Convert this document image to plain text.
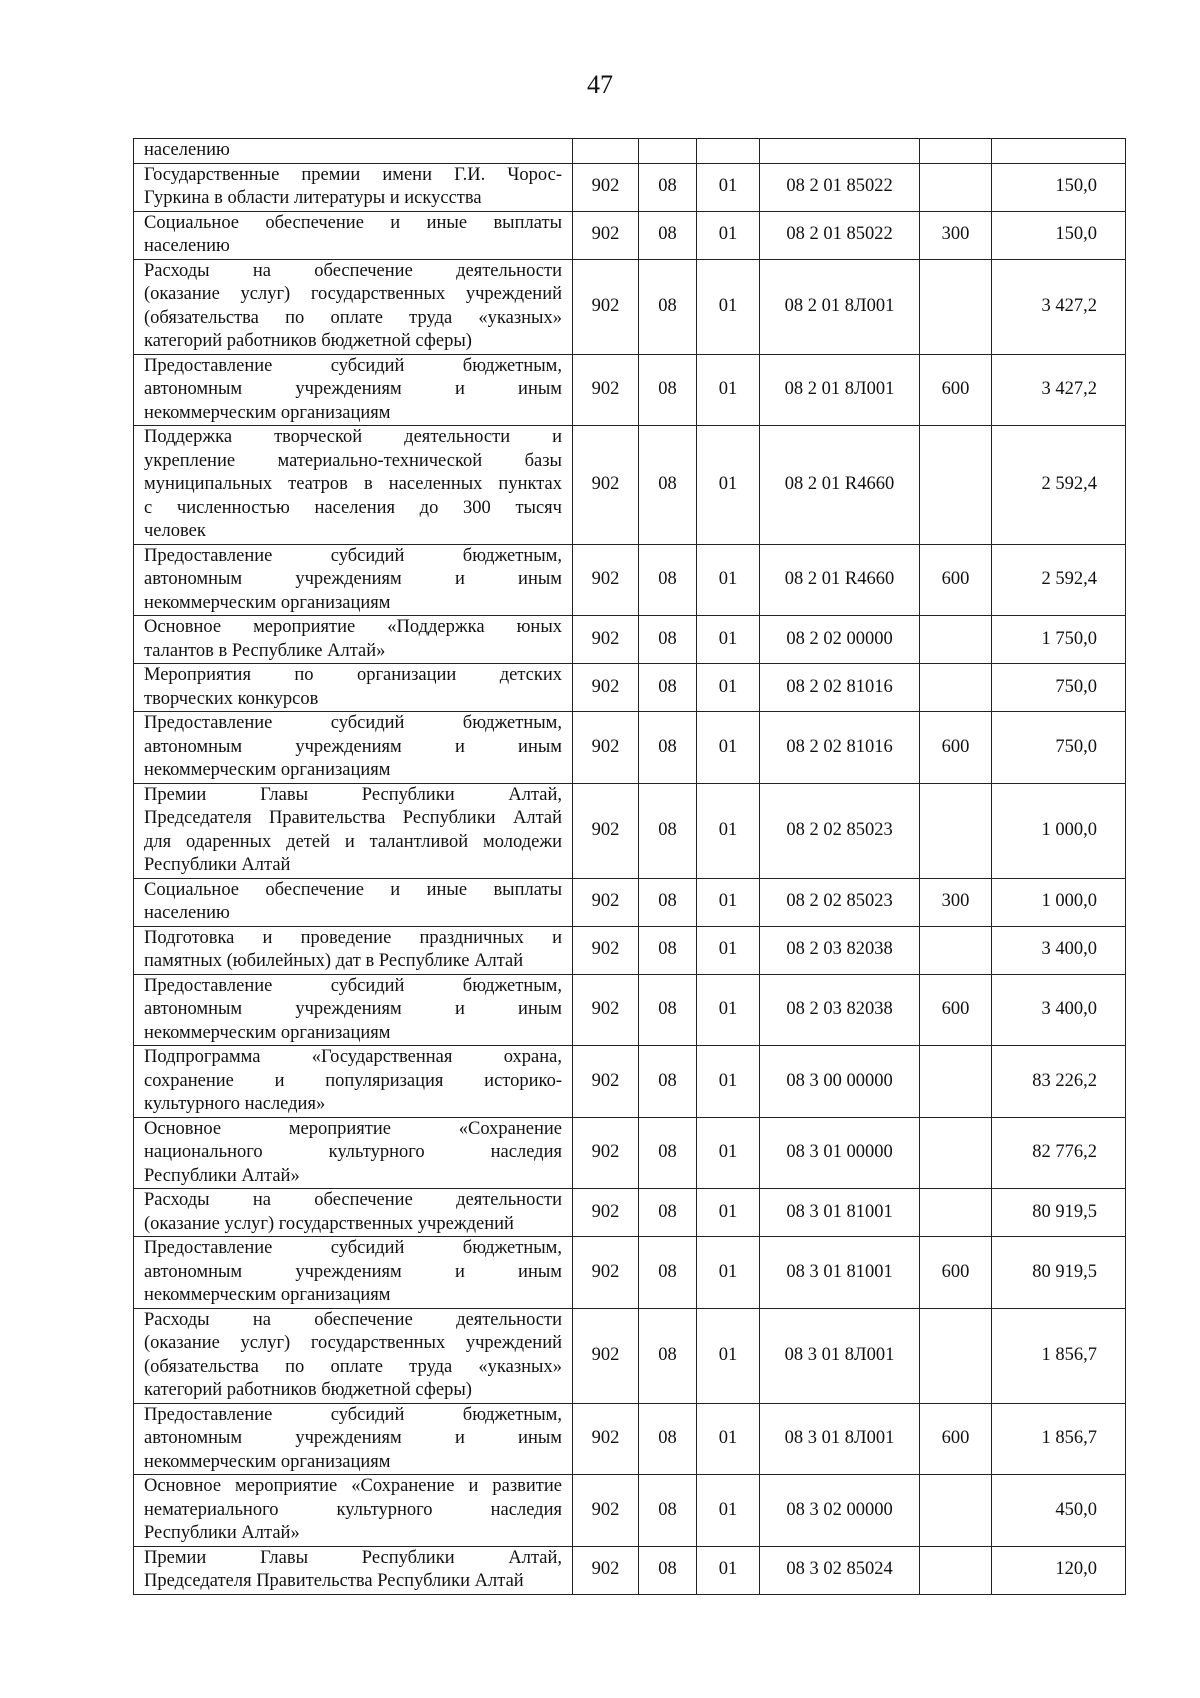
47
населению						

Государственные премии имени Г.И. Чорос-
Гуркина в области литературы и искусства	902	08	01	08 2 01 85022		150,0

Социальное обеспечение и иные выплаты
населению	902	08	01	08 2 01 85022	300	150,0

Расходы на обеспечение деятельности
(оказание услуг) государственных учреждений
(обязательства по оплате труда «указных»
категорий работников бюджетной сферы)	902	08	01	08 2 01 8Л001		3 427,2

Предоставление субсидий бюджетным,
автономным учреждениям и иным
некоммерческим организациям	902	08	01	08 2 01 8Л001	600	3 427,2

Поддержка творческой деятельности и
укрепление материально-технической базы
муниципальных театров в населенных пунктах
с численностью населения до 300 тысяч
человек	902	08	01	08 2 01 R4660		2 592,4

Предоставление субсидий бюджетным,
автономным учреждениям и иным
некоммерческим организациям	902	08	01	08 2 01 R4660	600	2 592,4

Основное мероприятие «Поддержка юных
талантов в Республике Алтай»	902	08	01	08 2 02 00000		1 750,0

Мероприятия по организации детских
творческих конкурсов	902	08	01	08 2 02 81016		750,0

Предоставление субсидий бюджетным,
автономным учреждениям и иным
некоммерческим организациям	902	08	01	08 2 02 81016	600	750,0

Премии Главы Республики Алтай,
Председателя Правительства Республики Алтай
для одаренных детей и талантливой молодежи
Республики Алтай	902	08	01	08 2 02 85023		1 000,0

Социальное обеспечение и иные выплаты
населению	902	08	01	08 2 02 85023	300	1 000,0

Подготовка и проведение праздничных и
памятных (юбилейных) дат в Республике Алтай	902	08	01	08 2 03 82038		3 400,0

Предоставление субсидий бюджетным,
автономным учреждениям и иным
некоммерческим организациям	902	08	01	08 2 03 82038	600	3 400,0

Подпрограмма «Государственная охрана,
сохранение и популяризация историко-
культурного наследия»	902	08	01	08 3 00 00000		83 226,2

Основное мероприятие «Сохранение
национального культурного наследия
Республики Алтай»	902	08	01	08 3 01 00000		82 776,2

Расходы на обеспечение деятельности
(оказание услуг) государственных учреждений	902	08	01	08 3 01 81001		80 919,5

Предоставление субсидий бюджетным,
автономным учреждениям и иным
некоммерческим организациям	902	08	01	08 3 01 81001	600	80 919,5

Расходы на обеспечение деятельности
(оказание услуг) государственных учреждений
(обязательства по оплате труда «указных»
категорий работников бюджетной сферы)	902	08	01	08 3 01 8Л001		1 856,7

Предоставление субсидий бюджетным,
автономным учреждениям и иным
некоммерческим организациям	902	08	01	08 3 01 8Л001	600	1 856,7

Основное мероприятие «Сохранение и развитие
нематериального культурного наследия
Республики Алтай»	902	08	01	08 3 02 00000		450,0

Премии Главы Республики Алтай,
Председателя Правительства Республики Алтай	902	08	01	08 3 02 85024		120,0
